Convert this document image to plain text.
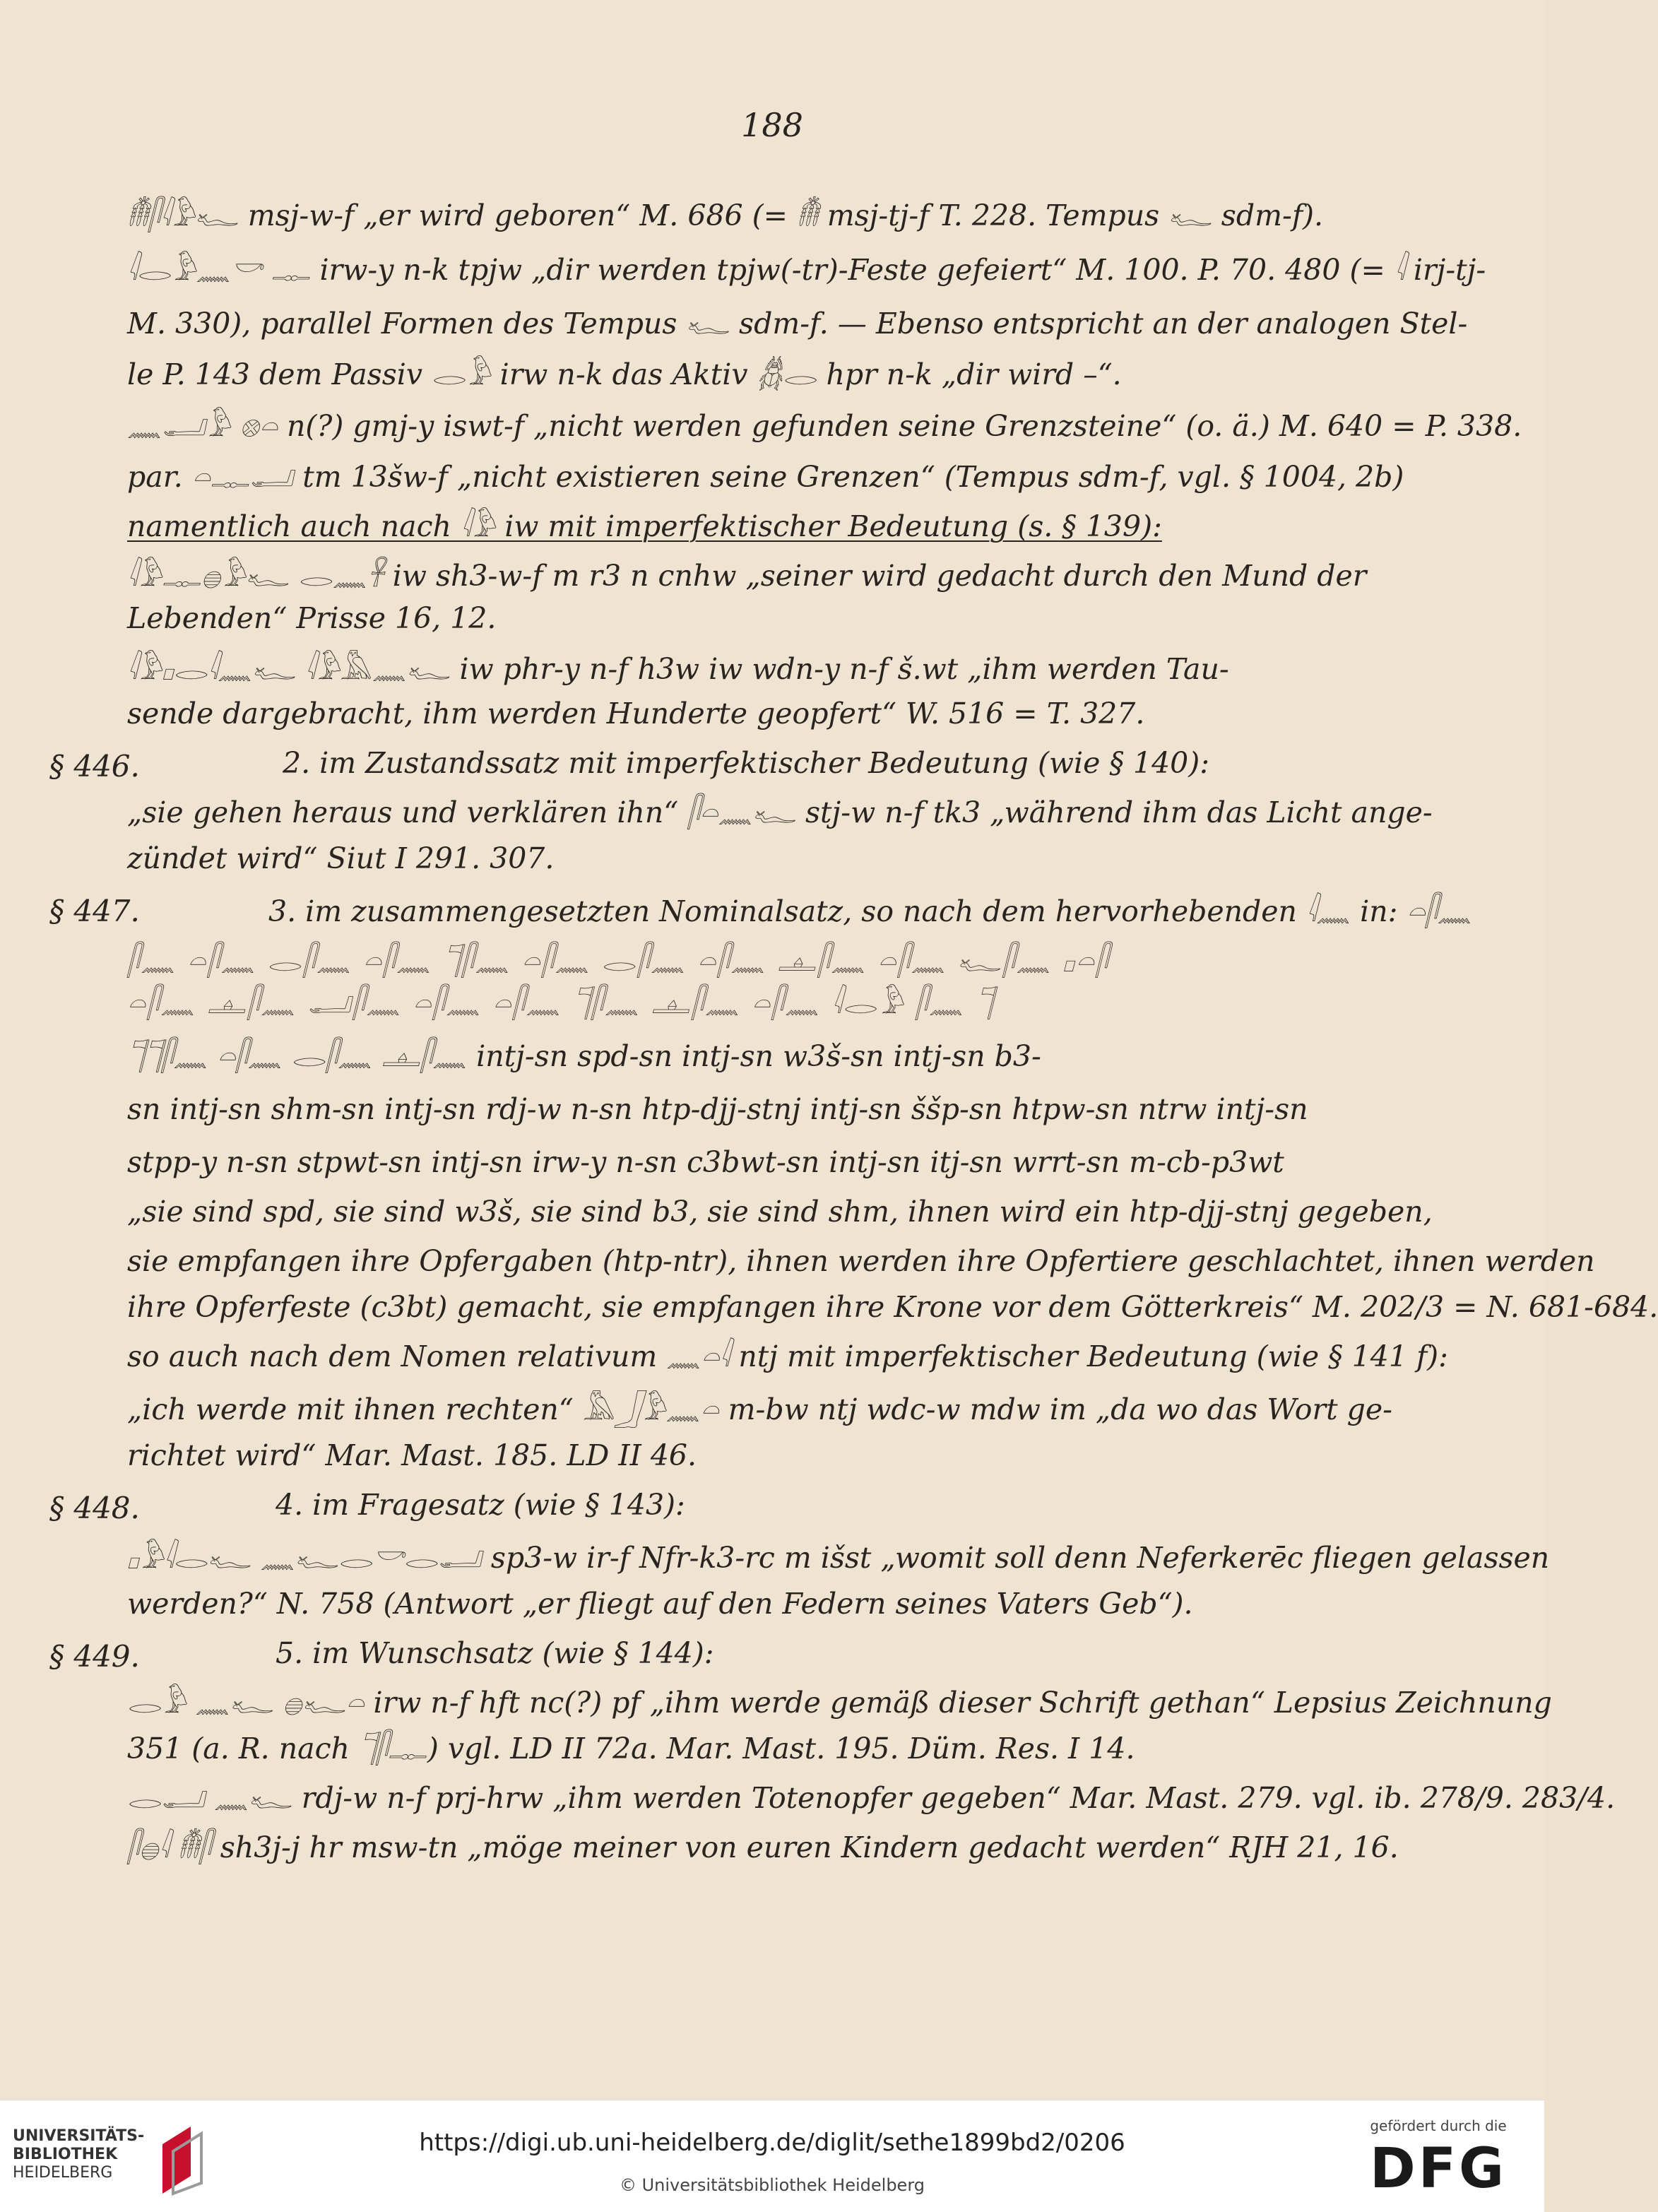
188
𓄟𓋴𓇋𓅱𓆑 msj-w-f „er wird geboren“ M. 686 (= 𓄟 msj-tj-f T. 228. Tempus 𓆑 sdm-f).
𓇋𓂋𓅱𓈖𓎡 𓊃 irw-y n-k tpjw „dir werden tpjw(-tr)-Feste gefeiert“ M. 100. P. 70. 480 (= 𓇋 irj-tj-
M. 330), parallel Formen des Tempus 𓆑 sdm-f. — Ebenso entspricht an der analogen Stel-
le P. 143 dem Passiv 𓂋𓅱 irw n-k das Aktiv 𓆣𓂋 hpr n-k „dir wird –“.
𓈖𓂝𓅱 𓊖𓏏 n(?) gmj-y iswt-f „nicht werden gefunden seine Grenzsteine“ (o. ä.) M. 640 = P. 338.
par. 𓏏𓊃𓂝 tm 13šw-f „nicht existieren seine Grenzen“ (Tempus sdm-f, vgl. § 1004, 2b)
namentlich auch nach 𓇋𓅱 iw mit imperfektischer Bedeutung (s. § 139):
𓇋𓅱𓊃𓐍𓅱𓆑 𓂋𓈖𓋹 iw sh3-w-f m r3 n cnhw „seiner wird gedacht durch den Mund der
Lebenden“ Prisse 16, 12.
𓇋𓅱𓊪𓂋𓇋𓈖𓆑 𓇋𓅱𓅓𓈖𓆑 iw phr-y n-f h3w iw wdn-y n-f š.wt „ihm werden Tau-
sende dargebracht, ihm werden Hunderte geopfert“ W. 516 = T. 327.
2. im Zustandssatz mit imperfektischer Bedeutung (wie § 140):
„sie gehen heraus und verklären ihn“ 𓋴𓏏𓈖𓆑 stj-w n-f tk3 „während ihm das Licht ange-
zündet wird“ Siut I 291. 307.
3. im zusammengesetzten Nominalsatz, so nach dem hervorhebenden 𓇋𓈖 in: 𓏏𓋴𓈖
𓋴𓈖 𓏏𓋴𓈖 𓂋𓋴𓈖 𓏏𓋴𓈖 𓊹𓋴𓈖 𓏏𓋴𓈖 𓂋𓋴𓈖 𓏏𓋴𓈖 𓊵𓋴𓈖 𓏏𓋴𓈖 𓆑𓋴𓈖 𓊪𓏏𓋴
𓏏𓋴𓈖 𓊵𓋴𓈖 𓂝𓋴𓈖 𓏏𓋴𓈖 𓏏𓋴𓈖 𓊹𓋴𓈖 𓊵𓋴𓈖 𓏏𓋴𓈖 𓇋𓂋𓅱 𓋴𓈖 𓊹
𓊹𓊹𓋴𓈖 𓏏𓋴𓈖 𓂋𓋴𓈖 𓊵𓋴𓈖 intj-sn spd-sn intj-sn w3š-sn intj-sn b3-
sn intj-sn shm-sn intj-sn rdj-w n-sn htp-djj-stnj intj-sn ššp-sn htpw-sn ntrw intj-sn
stpp-y n-sn stpwt-sn intj-sn irw-y n-sn c3bwt-sn intj-sn itj-sn wrrt-sn m-cb-p3wt
„sie sind spd, sie sind w3š, sie sind b3, sie sind shm, ihnen wird ein htp-djj-stnj gegeben,
sie empfangen ihre Opfergaben (htp-ntr), ihnen werden ihre Opfertiere geschlachtet, ihnen werden
ihre Opferfeste (c3bt) gemacht, sie empfangen ihre Krone vor dem Götterkreis“ M. 202/3 = N. 681-684.
so auch nach dem Nomen relativum 𓈖𓏏𓇋 ntj mit imperfektischer Bedeutung (wie § 141 f):
„ich werde mit ihnen rechten“ 𓅓𓃀𓅱𓈖𓏏 m-bw ntj wdc-w mdw im „da wo das Wort ge-
richtet wird“ Mar. Mast. 185. LD II 46.
4. im Fragesatz (wie § 143):
𓊪𓅱𓇋𓂋𓆑 𓈖𓆑𓂋𓎡𓂋𓂝 sp3-w ir-f Nfr-k3-rc m išst „womit soll denn Neferkerēc fliegen gelassen
werden?“ N. 758 (Antwort „er fliegt auf den Federn seines Vaters Geb“).
5. im Wunschsatz (wie § 144):
𓂋𓅱 𓈖𓆑 𓐍𓆑𓏏 irw n-f hft nc(?) pf „ihm werde gemäß dieser Schrift gethan“ Lepsius Zeichnung
351 (a. R. nach 𓊹𓋴𓊃) vgl. LD II 72a. Mar. Mast. 195. Düm. Res. I 14.
𓂋𓂝 𓈖𓆑 rdj-w n-f prj-hrw „ihm werden Totenopfer gegeben“ Mar. Mast. 279. vgl. ib. 278/9. 283/4.
𓋴𓐍𓇋 𓄟𓋴 sh3j-j hr msw-tn „möge meiner von euren Kindern gedacht werden“ RJH 21, 16.
§ 446.
§ 447.
§ 448.
§ 449.
UNIVERSITÄTS-
BIBLIOTHEK
HEIDELBERG
https://digi.ub.uni-heidelberg.de/diglit/sethe1899bd2/0206
© Universitätsbibliothek Heidelberg
gefördert durch die
DFG
